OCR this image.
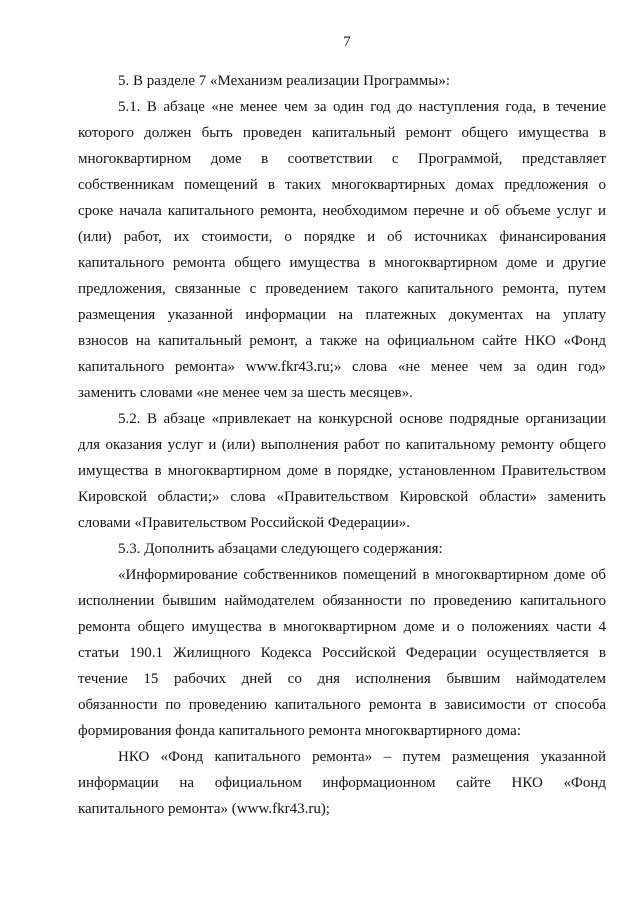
7
5. В разделе 7 «Механизм реализации Программы»:
5.1. В абзаце «не менее чем за один год до наступления года, в течение
которого должен быть проведен капитальный ремонт общего имущества в
многоквартирном доме в соответствии с Программой, представляет
собственникам помещений в таких многоквартирных домах предложения о
сроке начала капитального ремонта, необходимом перечне и об объеме услуг и
(или) работ, их стоимости, о порядке и об источниках финансирования
капитального ремонта общего имущества в многоквартирном доме и другие
предложения, связанные с проведением такого капитального ремонта, путем
размещения указанной информации на платежных документах на уплату
взносов на капитальный ремонт, а также на официальном сайте НКО «Фонд
капитального ремонта» www.fkr43.ru;» слова «не менее чем за один год»
заменить словами «не менее чем за шесть месяцев».
5.2. В абзаце «привлекает на конкурсной основе подрядные организации
для оказания услуг и (или) выполнения работ по капитальному ремонту общего
имущества в многоквартирном доме в порядке, установленном Правительством
Кировской области;» слова «Правительством Кировской области» заменить
словами «Правительством Российской Федерации».
5.3. Дополнить абзацами следующего содержания:
«Информирование собственников помещений в многоквартирном доме об
исполнении бывшим наймодателем обязанности по проведению капитального
ремонта общего имущества в многоквартирном доме и о положениях части 4
статьи 190.1 Жилищного Кодекса Российской Федерации осуществляется в
течение 15 рабочих дней со дня исполнения бывшим наймодателем
обязанности по проведению капитального ремонта в зависимости от способа
формирования фонда капитального ремонта многоквартирного дома:
НКО «Фонд капитального ремонта» – путем размещения указанной
информации на официальном информационном сайте НКО «Фонд
капитального ремонта» (www.fkr43.ru);
